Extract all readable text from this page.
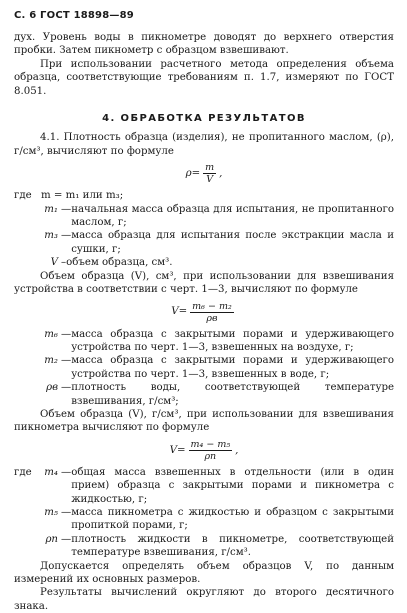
С. 6 ГОСТ 18898—89

дух. Уровень воды в пикнометре доводят до верхнего отверстия пробки. Затем пикнометр с образцом взвешивают.

При использовании расчетного метода определения объема образца, соответствующие требованиям п. 1.7, измеряют по ГОСТ 8.051.

4. ОБРАБОТКА РЕЗУЛЬТАТОВ

4.1. Плотность образца (изделия), не пропитанного маслом, (ρ), г/см³, вычисляют по формуле

$\rho= \frac{m}{V}$ ,
где m = m₁ или m₃;
m₁ — начальная масса образца для испытания, не пропитанного маслом, г;
m₃ — масса образца для испытания после экстракции масла и сушки, г;
V – объем образца, см³.

Объем образца (V), см³, при использовании для взвешивания устройства в соответствии с черт. 1—3, вычисляют по формуле

$V= \frac{\text{m₆ − m₂}}{\rho в}$
m₆ — масса образца с закрытыми порами и удерживающего устройства по черт. 1—3, взвешенных на воздухе, г;
m₂ — масса образца с закрытыми порами и удерживающего устройства по черт. 1—3, взвешенных в воде, г;
ρв — плотность воды, соответствующей температуре взвешивания, г/см³;

Объем образца (V), г/см³, при использовании для взвешивания пикнометра вычисляют по формуле

$V= \frac{\text{m₄ − m₅}}{\rho п}$ ,
где	m₄ — общая масса взвешенных в отдельности (или в один прием) образца с закрытыми порами и пикнометра с жидкостью, г;
m₅ — масса пикнометра с жидкостью и образцом с закрытыми пропиткой порами, г;
ρп — плотность жидкости в пикнометре, соответствующей температуре взвешивания, г/см³.

Допускается определять объем образцов V, по данным измерений их основных размеров.

Результаты вычислений округляют до второго десятичного знака.
